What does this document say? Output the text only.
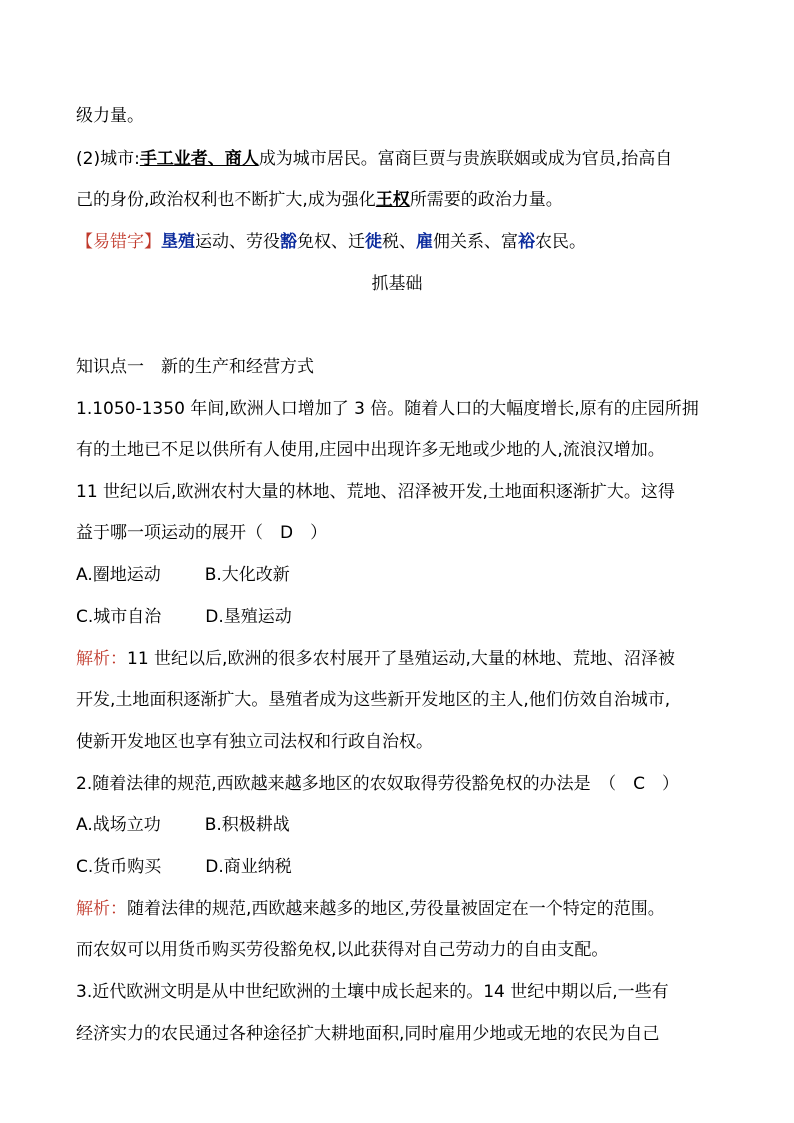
级力量。
(2)城市:手工业者、商人成为城市居民。富商巨贾与贵族联姻或成为官员,抬高自
己的身份,政治权利也不断扩大,成为强化王权所需要的政治力量。
【易错字】垦殖运动、劳役豁免权、迁徙税、雇佣关系、富裕农民。
抓基础
知识点一　新的生产和经营方式
1.1050-1350 年间,欧洲人口增加了 3 倍。随着人口的大幅度增长,原有的庄园所拥
有的土地已不足以供所有人使用,庄园中出现许多无地或少地的人,流浪汉增加。
11 世纪以后,欧洲农村大量的林地、荒地、沼泽被开发,土地面积逐渐扩大。这得
益于哪一项运动的展开（　D　）
A.圈地运动	B.大化改新
C.城市自治	D.垦殖运动
解析：11 世纪以后,欧洲的很多农村展开了垦殖运动,大量的林地、荒地、沼泽被
开发,土地面积逐渐扩大。垦殖者成为这些新开发地区的主人,他们仿效自治城市,
使新开发地区也享有独立司法权和行政自治权。
2.随着法律的规范,西欧越来越多地区的农奴取得劳役豁免权的办法是　（　C　）
A.战场立功	B.积极耕战
C.货币购买	D.商业纳税
解析：随着法律的规范,西欧越来越多的地区,劳役量被固定在一个特定的范围。
而农奴可以用货币购买劳役豁免权,以此获得对自己劳动力的自由支配。
3.近代欧洲文明是从中世纪欧洲的土壤中成长起来的。14 世纪中期以后,一些有
经济实力的农民通过各种途径扩大耕地面积,同时雇用少地或无地的农民为自己
